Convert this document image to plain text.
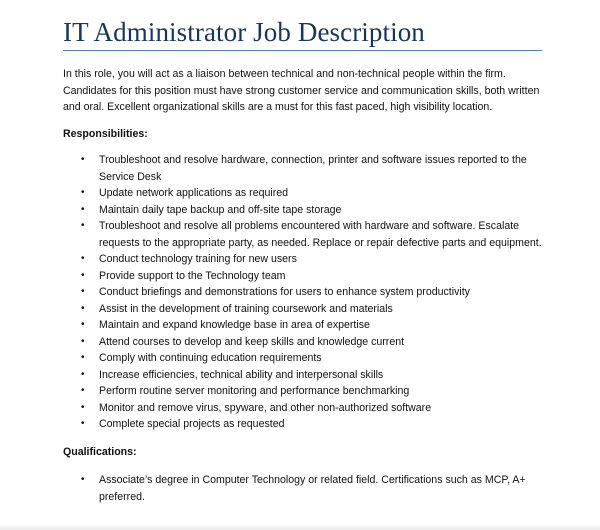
IT Administrator Job Description

In this role, you will act as a liaison between technical and non-technical people within the firm. Candidates for this position must have strong customer service and communication skills, both written and oral. Excellent organizational skills are a must for this fast paced, high visibility location.

Responsibilities:

• Troubleshoot and resolve hardware, connection, printer and software issues reported to the Service Desk
• Update network applications as required
• Maintain daily tape backup and off-site tape storage
• Troubleshoot and resolve all problems encountered with hardware and software. Escalate requests to the appropriate party, as needed. Replace or repair defective parts and equipment.
• Conduct technology training for new users
• Provide support to the Technology team
• Conduct briefings and demonstrations for users to enhance system productivity
• Assist in the development of training coursework and materials
• Maintain and expand knowledge base in area of expertise
• Attend courses to develop and keep skills and knowledge current
• Comply with continuing education requirements
• Increase efficiencies, technical ability and interpersonal skills
• Perform routine server monitoring and performance benchmarking
• Monitor and remove virus, spyware, and other non-authorized software
• Complete special projects as requested

Qualifications:

• Associate’s degree in Computer Technology or related field. Certifications such as MCP, A+ preferred.
